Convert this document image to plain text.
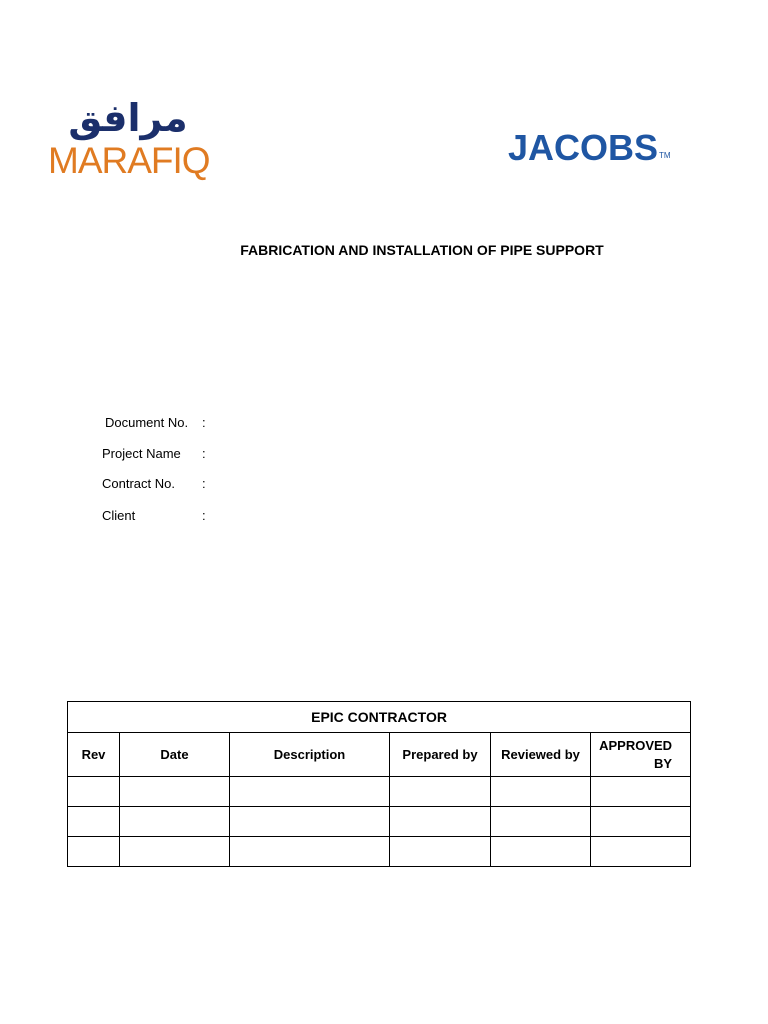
مرافق
MARAFIQ	JACOBS™
FABRICATION AND INSTALLATION OF PIPE SUPPORT
Document No. :
Project Name :
Contract No. :
Client	:
EPIC CONTRACTOR					
Rev	Date	Description	Prepared by	Reviewed by	APPROVED BY
